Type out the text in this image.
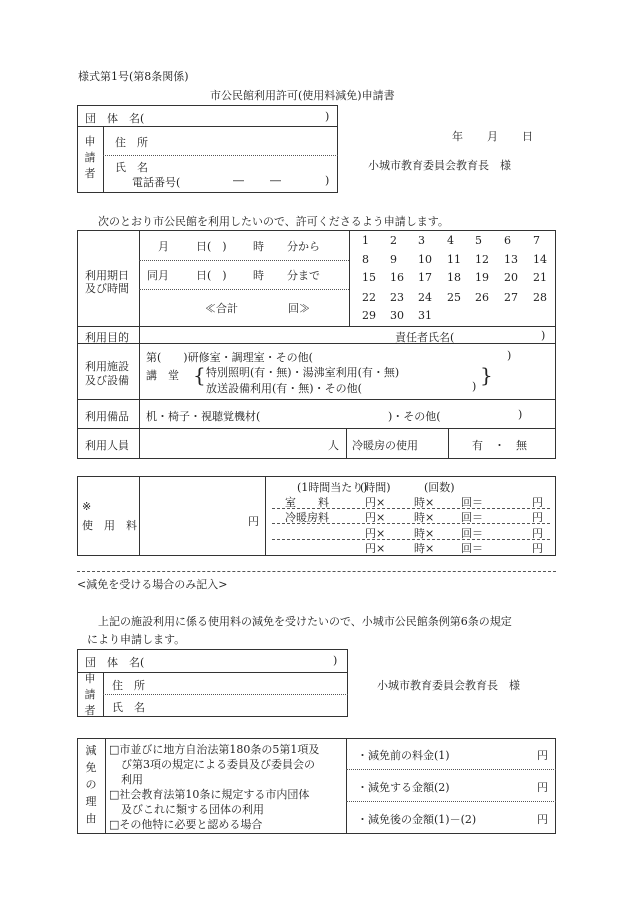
様式第1号(第8条関係)
市公民館利用許可(使用料減免)申請書
団　体　名(	)
申
請
者
住　所
氏　名
電話番号(	― ―	)
年 月 日
小城市教育委員会教育長　様
次のとおり市公民館を利用したいので、許可くださるよう申請します。
利用期日
及び時間
月 日(　) 時 分から
同月 日(　) 時 分まで
≪合計	回≫
1 2 3 4 5 6 7
8 9 10 11 12 13 14
15 16 17 18 19 20 21
22 23 24 25 26 27 28
29 30 31
利用目的	責任者氏名(	)
利用施設
及び設備
第(　　)研修室・調理室・その他(	)
講　堂 { 特別照明(有・無)・湯沸室利用(有・無)
放送設備利用(有・無)・その他(	) }
利用備品 机・椅子・視聴覚機材(	)・その他(	)
利用人員	人 冷暖房の使用	有　・　無
※
使　用　料	円
(1時間当たり)
(時間)	(回数)
室　　料	円×	時× 回＝	円
冷暖房料	円×	時× 回＝	円
円×	時× 回＝	円
円×	時× 回＝	円
<減免を受ける場合のみ記入>
上記の施設利用に係る使用料の減免を受けたいので、小城市公民館条例第6条の規定
により申請します。
団　体　名(	)
申
請
者
住　所
氏　名
小城市教育委員会教育長　様
減
免
の
理
由
□市並びに地方自治法第180条の5第1項及
び第3項の規定による委員及び委員会の
利用
□社会教育法第10条に規定する市内団体
及びこれに類する団体の利用
□その他特に必要と認める場合
・減免前の料金(1)	円
・減免する金額(2)	円
・減免後の金額(1)－(2)	円
